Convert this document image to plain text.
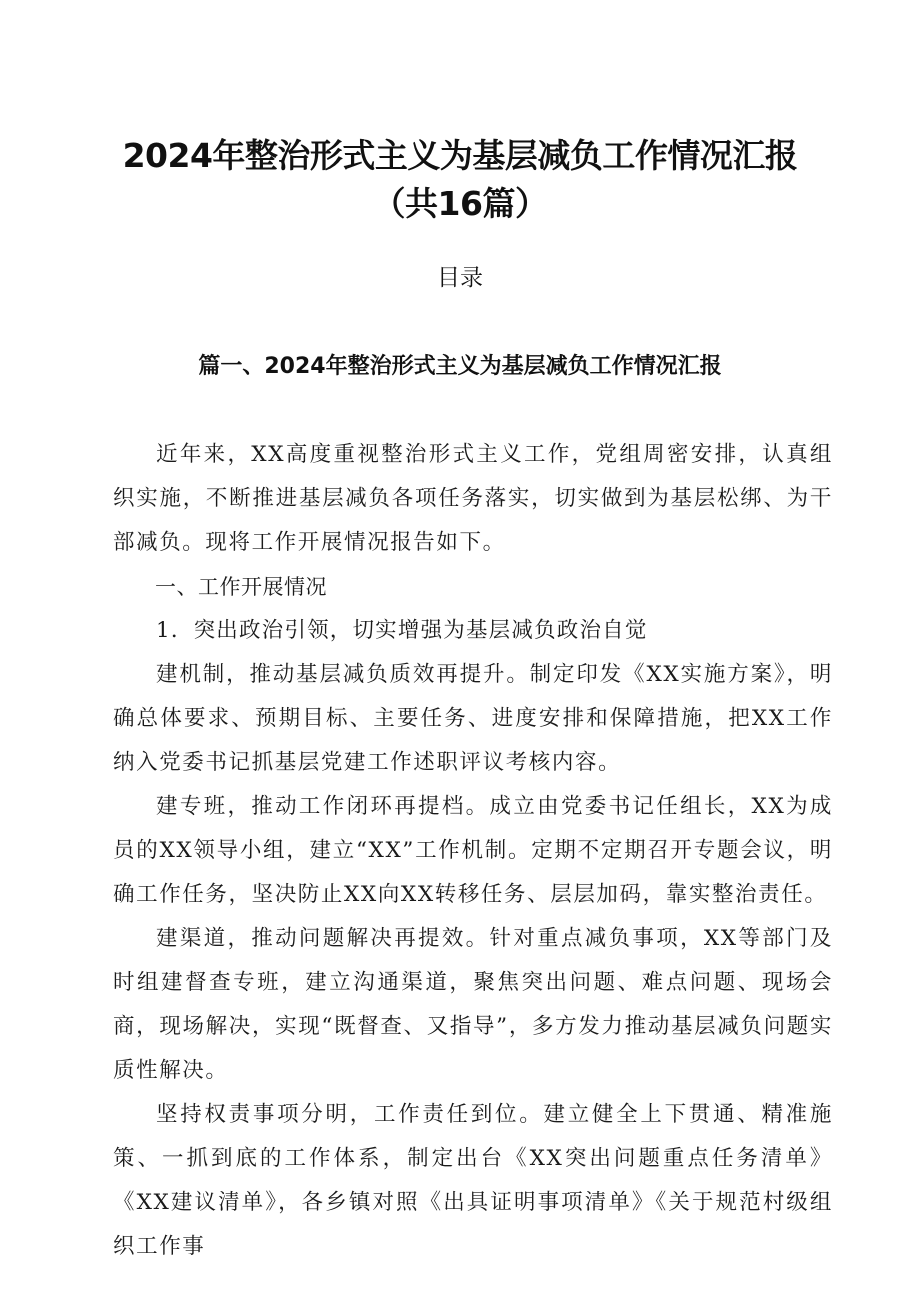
2024年整治形式主义为基层减负工作情况汇报
（共16篇）
目录
篇一、2024年整治形式主义为基层减负工作情况汇报

近年来，XX高度重视整治形式主义工作，党组周密安排，认真组织实施，不断推进基层减负各项任务落实，切实做到为基层松绑、为干部减负。现将工作开展情况报告如下。

一、工作开展情况

1．突出政治引领，切实增强为基层减负政治自觉

建机制，推动基层减负质效再提升。制定印发《XX实施方案》，明确总体要求、预期目标、主要任务、进度安排和保障措施，把XX工作纳入党委书记抓基层党建工作述职评议考核内容。

建专班，推动工作闭环再提档。成立由党委书记任组长，XX为成员的XX领导小组，建立“XX”工作机制。定期不定期召开专题会议，明确工作任务，坚决防止XX向XX转移任务、层层加码，靠实整治责任。

建渠道，推动问题解决再提效。针对重点减负事项，XX等部门及时组建督查专班，建立沟通渠道，聚焦突出问题、难点问题、现场会商，现场解决，实现“既督查、又指导”，多方发力推动基层减负问题实质性解决。

坚持权责事项分明，工作责任到位。建立健全上下贯通、精准施策、一抓到底的工作体系，制定出台《XX突出问题重点任务清单》《XX建议清单》，各乡镇对照《出具证明事项清单》《关于规范村级组织工作事
